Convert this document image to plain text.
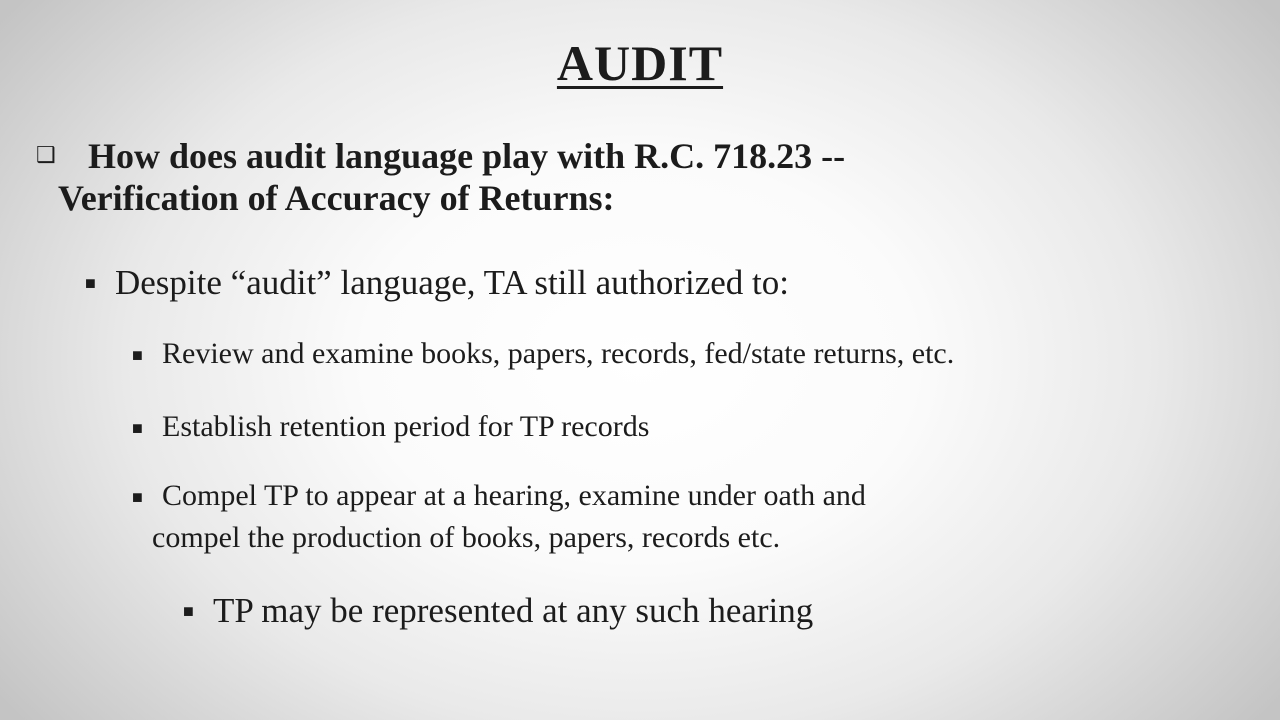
AUDIT
❑ How does audit language play with R.C. 718.23 --
Verification of Accuracy of Returns:
■ Despite “audit” language, TA still authorized to:
■ Review and examine books, papers, records, fed/state returns, etc.
■ Establish retention period for TP records
■ Compel TP to appear at a hearing, examine under oath and
compel the production of books, papers, records etc.
■ TP may be represented at any such hearing
